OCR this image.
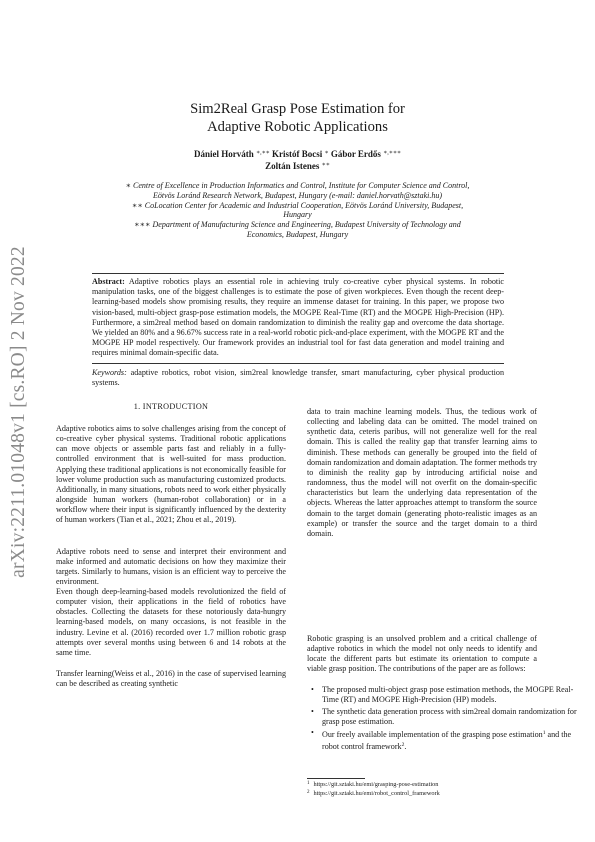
arXiv:2211.01048v1 [cs.RO] 2 Nov 2022
Sim2Real Grasp Pose Estimation for
Adaptive Robotic Applications
Dániel Horváth ∗,∗∗ Kristóf Bocsi ∗ Gábor Erdős ∗,∗∗∗
Zoltán Istenes ∗∗

∗ Centre of Excellence in Production Informatics and Control, Institute for Computer Science and Control, Eötvös Loránd Research Network, Budapest, Hungary (e-mail: daniel.horvath@sztaki.hu)

∗∗ CoLocation Center for Academic and Industrial Cooperation, Eötvös Loránd University, Budapest, Hungary

∗∗∗ Department of Manufacturing Science and Engineering, Budapest University of Technology and Economics, Budapest, Hungary

Abstract: Adaptive robotics plays an essential role in achieving truly co-creative cyber physical systems. In robotic manipulation tasks, one of the biggest challenges is to estimate the pose of given workpieces. Even though the recent deep-learning-based models show promising results, they require an immense dataset for training. In this paper, we propose two vision-based, multi-object grasp-pose estimation models, the MOGPE Real-Time (RT) and the MOGPE High-Precision (HP). Furthermore, a sim2real method based on domain randomization to diminish the reality gap and overcome the data shortage. We yielded an 80% and a 96.67% success rate in a real-world robotic pick-and-place experiment, with the MOGPE RT and the MOGPE HP model respectively. Our framework provides an industrial tool for fast data generation and model training and requires minimal domain-specific data.
Keywords: adaptive robotics, robot vision, sim2real knowledge transfer, smart manufacturing, cyber physical production systems.
1. INTRODUCTION

Adaptive robotics aims to solve challenges arising from the concept of co-creative cyber physical systems. Traditional robotic applications can move objects or assemble parts fast and reliably in a fully-controlled environment that is well-suited for mass production. Applying these traditional applications is not economically feasible for lower volume production such as manufacturing customized products. Additionally, in many situations, robots need to work either physically alongside human workers (human-robot collaboration) or in a workflow where their input is significantly influenced by the dexterity of human workers (Tian et al., 2021; Zhou et al., 2019).

Adaptive robots need to sense and interpret their environment and make informed and automatic decisions on how they maximize their targets. Similarly to humans, vision is an efficient way to perceive the environment.

Even though deep-learning-based models revolutionized the field of computer vision, their applications in the field of robotics have obstacles. Collecting the datasets for these notoriously data-hungry learning-based models, on many occasions, is not feasible in the industry. Levine et al. (2016) recorded over 1.7 million robotic grasp attempts over several months using between 6 and 14 robots at the same time.

Transfer learning(Weiss et al., 2016) in the case of supervised learning can be described as creating synthetic

data to train machine learning models. Thus, the tedious work of collecting and labeling data can be omitted. The model trained on synthetic data, ceteris paribus, will not generalize well for the real domain. This is called the reality gap that transfer learning aims to diminish. These methods can generally be grouped into the field of domain randomization and domain adaptation. The former methods try to diminish the reality gap by introducing artificial noise and randomness, thus the model will not overfit on the domain-specific characteristics but learn the underlying data representation of the objects. Whereas the latter approaches attempt to transform the source domain to the target domain (generating photo-realistic images as an example) or transfer the source and the target domain to a third domain.

Robotic grasping is an unsolved problem and a critical challenge of adaptive robotics in which the model not only needs to identify and locate the different parts but estimate its orientation to compute a viable grasp position. The contributions of the paper are as follows:

• The proposed multi-object grasp pose estimation methods, the MOGPE Real-Time (RT) and MOGPE High-Precision (HP) models.
• The synthetic data generation process with sim2real domain randomization for grasp pose estimation.
• Our freely available implementation of the grasping pose estimation$^1$ and the robot control framework$^2$.

$^1$ https://git.sztaki.hu/emi/grasping-pose-estimation

$^2$ https://git.sztaki.hu/emi/robot_control_framework
